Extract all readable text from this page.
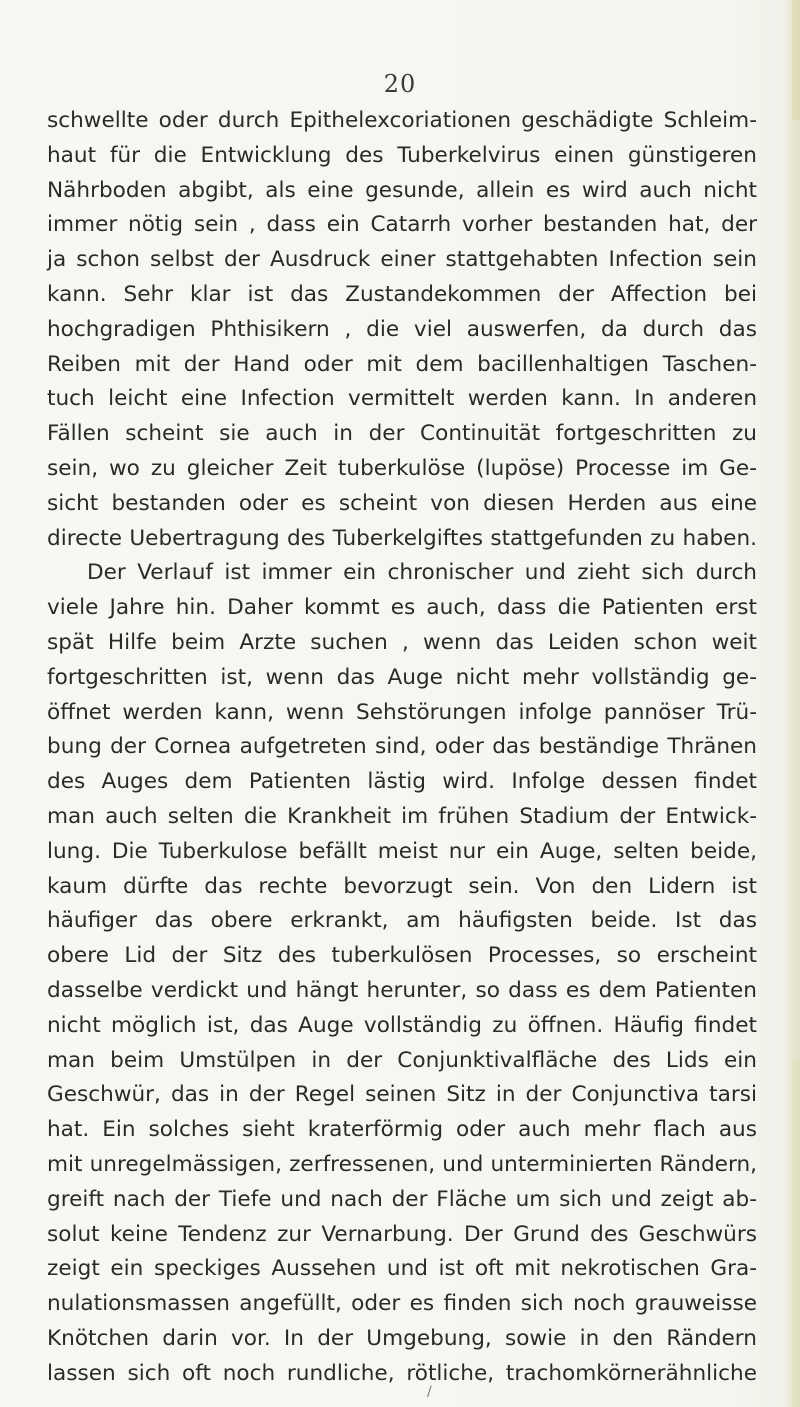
20
schwellte oder durch Epithelexcoriationen geschädigte Schleim-
haut für die Entwicklung des Tuberkelvirus einen günstigeren
Nährboden abgibt, als eine gesunde, allein es wird auch nicht
immer nötig sein , dass ein Catarrh vorher bestanden hat, der
ja schon selbst der Ausdruck einer stattgehabten Infection sein
kann. Sehr klar ist das Zustandekommen der Affection bei
hochgradigen Phthisikern , die viel auswerfen, da durch das
Reiben mit der Hand oder mit dem bacillenhaltigen Taschen-
tuch leicht eine Infection vermittelt werden kann. In anderen
Fällen scheint sie auch in der Continuität fortgeschritten zu
sein, wo zu gleicher Zeit tuberkulöse (lupöse) Processe im Ge-
sicht bestanden oder es scheint von diesen Herden aus eine
directe Uebertragung des Tuberkelgiftes stattgefunden zu haben.
Der Verlauf ist immer ein chronischer und zieht sich durch
viele Jahre hin. Daher kommt es auch, dass die Patienten erst
spät Hilfe beim Arzte suchen , wenn das Leiden schon weit
fortgeschritten ist, wenn das Auge nicht mehr vollständig ge-
öffnet werden kann, wenn Sehstörungen infolge pannöser Trü-
bung der Cornea aufgetreten sind, oder das beständige Thränen
des Auges dem Patienten lästig wird. Infolge dessen findet
man auch selten die Krankheit im frühen Stadium der Entwick-
lung. Die Tuberkulose befällt meist nur ein Auge, selten beide,
kaum dürfte das rechte bevorzugt sein. Von den Lidern ist
häufiger das obere erkrankt, am häufigsten beide. Ist das
obere Lid der Sitz des tuberkulösen Processes, so erscheint
dasselbe verdickt und hängt herunter, so dass es dem Patienten
nicht möglich ist, das Auge vollständig zu öffnen. Häufig findet
man beim Umstülpen in der Conjunktivalfläche des Lids ein
Geschwür, das in der Regel seinen Sitz in der Conjunctiva tarsi
hat. Ein solches sieht kraterförmig oder auch mehr flach aus
mit unregelmässigen, zerfressenen, und unterminierten Rändern,
greift nach der Tiefe und nach der Fläche um sich und zeigt ab-
solut keine Tendenz zur Vernarbung. Der Grund des Geschwürs
zeigt ein speckiges Aussehen und ist oft mit nekrotischen Gra-
nulationsmassen angefüllt, oder es finden sich noch grauweisse
Knötchen darin vor. In der Umgebung, sowie in den Rändern
lassen sich oft noch rundliche, rötliche, trachomkörnerähnliche
/
